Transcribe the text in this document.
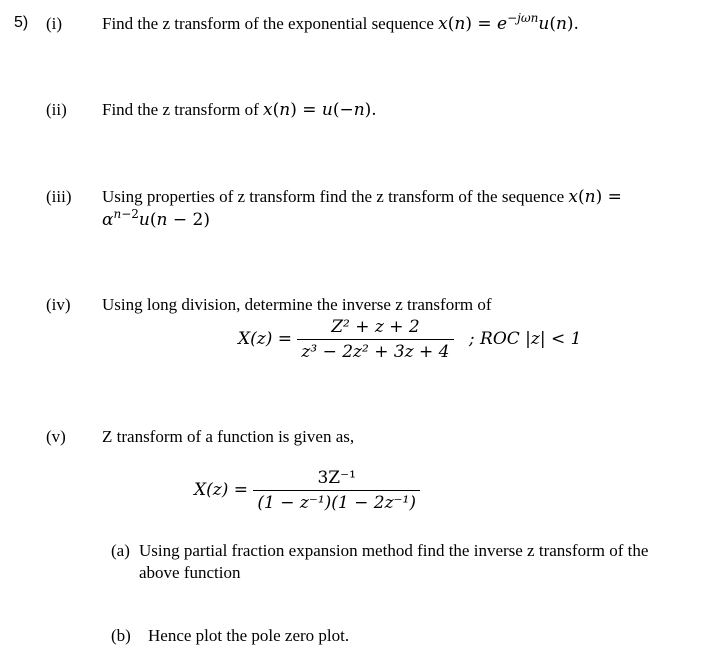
5) (i) Find the z transform of the exponential sequence $x(n) = e^{-j\omega n}u(n)$.
(ii) Find the z transform of x(n) = u(−n).
(iii) Using properties of z transform find the z transform of the sequence x(n) =
$\alpha^{n-2}u(n - 2)$
(iv) Using long division, determine the inverse z transform of
$X(z) = \frac{\text{Z² + z + 2}}{\text{z³ − 2z² + 3z + 4}}$ ; ROC |z| < 1
(v) Z transform of a function is given as,
$X(z) = \frac{\text{3Z⁻¹}}{\text{(1 − z⁻¹)(1 − 2z⁻¹)}}$
(a) Using partial fraction expansion method find the inverse z transform of the
above function
(b) Hence plot the pole zero plot.
